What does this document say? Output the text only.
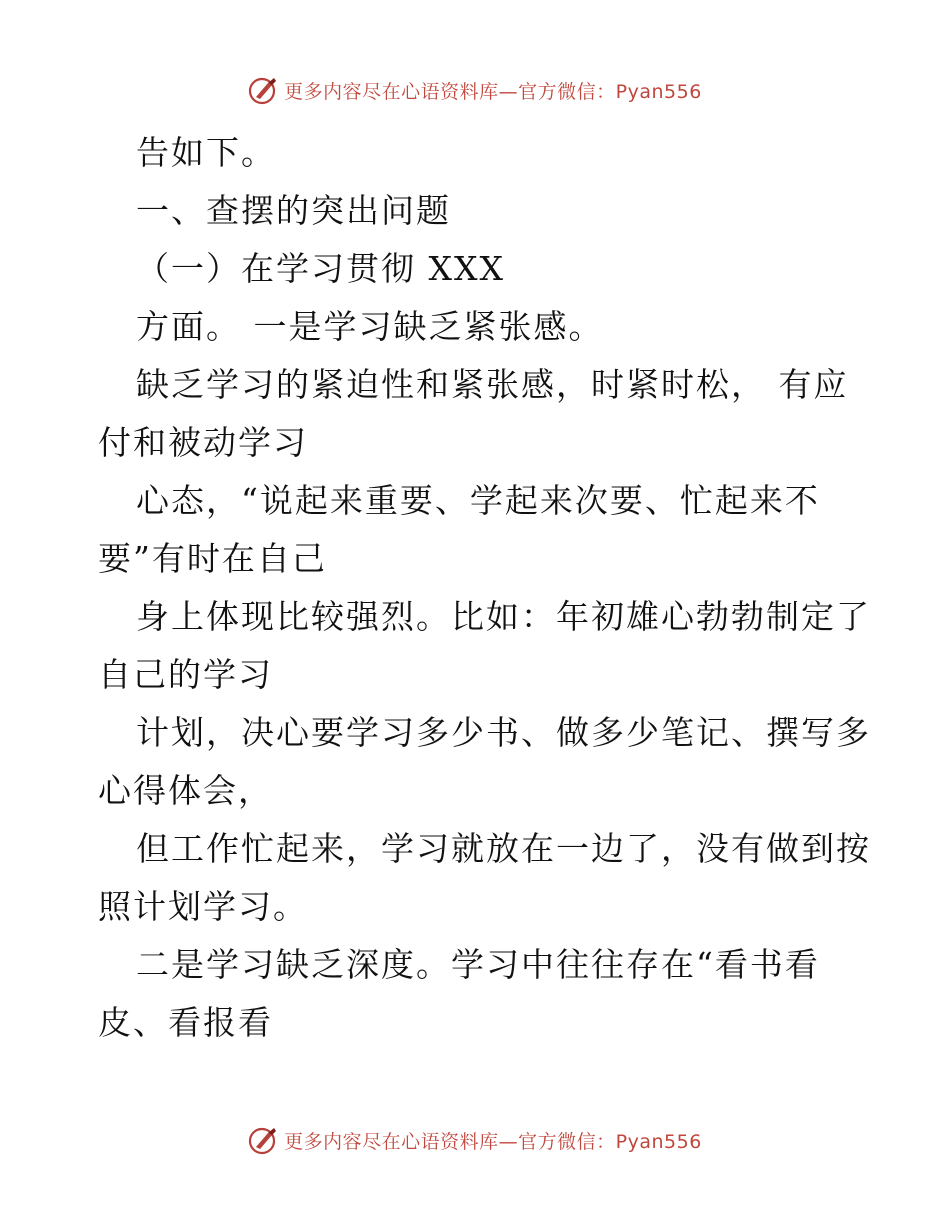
更多内容尽在心语资料库—官方微信：Pyan556
告如下。
一、查摆的突出问题
（一）在学习贯彻 XXX
方面。 一是学习缺乏紧张感。
缺乏学习的紧迫性和紧张感，时紧时松， 有应
付和被动学习
心态，“说起来重要、学起来次要、忙起来不
要”有时在自己
身上体现比较强烈。比如：年初雄心勃勃制定了
自己的学习
计划，决心要学习多少书、做多少笔记、撰写多
心得体会，
但工作忙起来，学习就放在一边了，没有做到按
照计划学习。
二是学习缺乏深度。学习中往往存在“看书看
皮、看报看
更多内容尽在心语资料库—官方微信：Pyan556
